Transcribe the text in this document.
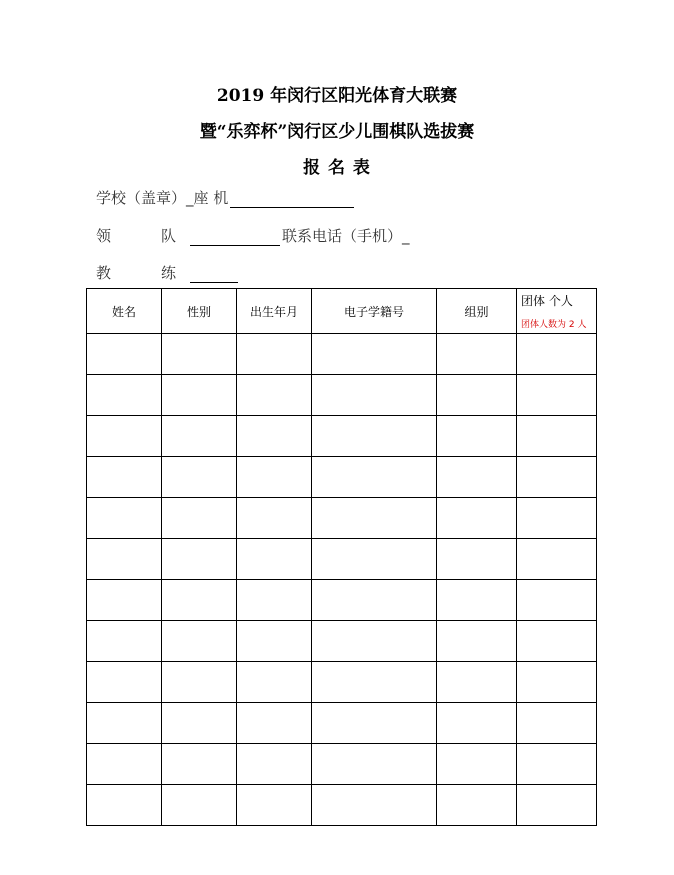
2019 年闵行区阳光体育大联赛
暨“乐弈杯”闵行区少儿围棋队选拔赛
报 名 表
学校（盖章）_座 机
领	队	联系电话（手机）_
教	练
姓名	性别	出生年月	电子学籍号	组别	团体 个人
团体人数为 2 人
